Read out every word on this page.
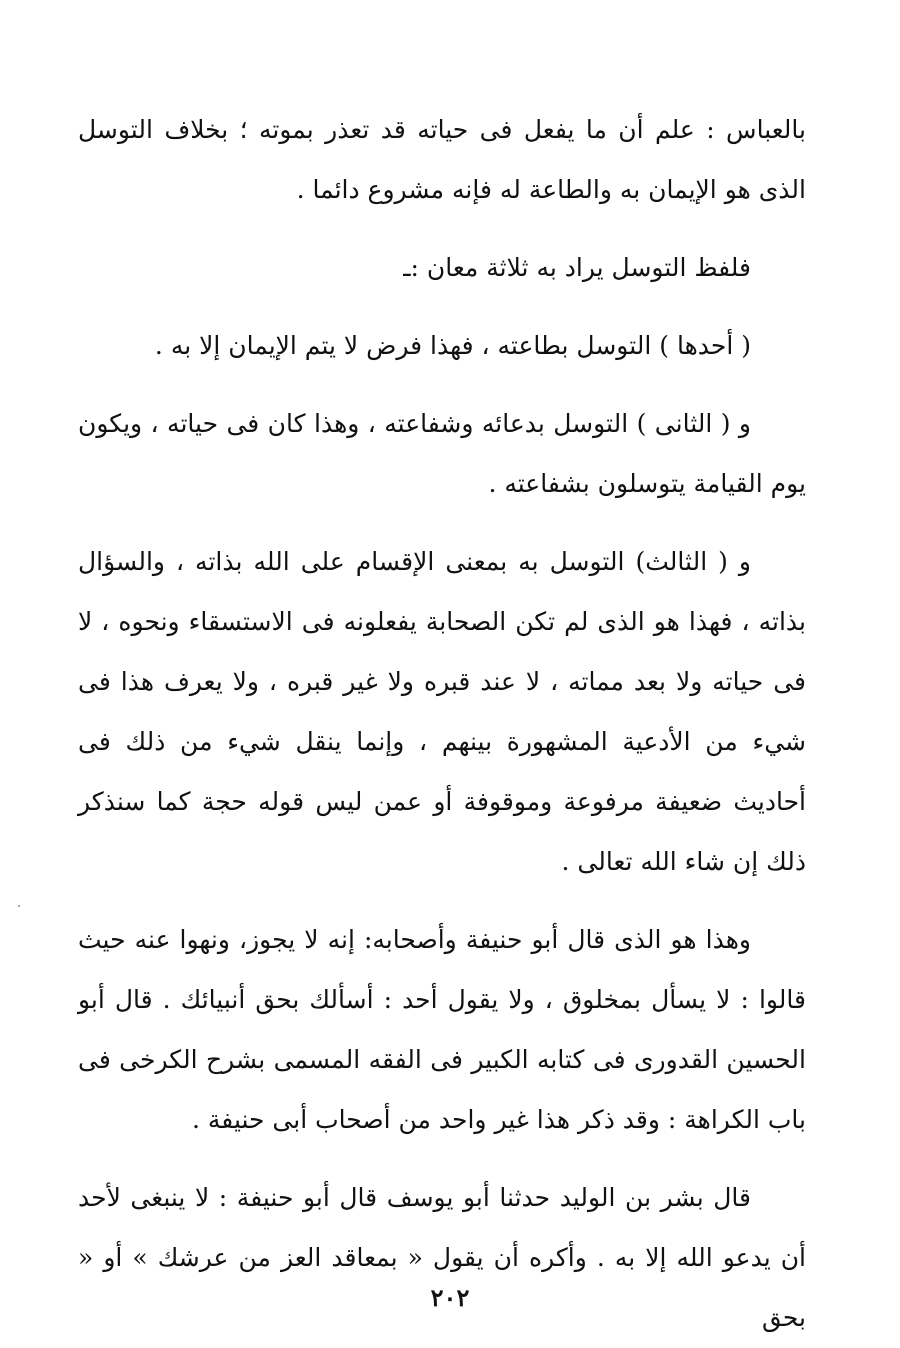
بالعباس : علم أن ما يفعل فى حياته قد تعذر بموته ؛ بخلاف التوسل الذى هو الإيمان به والطاعة له فإنه مشروع دائما .

فلفظ التوسل يراد به ثلاثة معان :ـ

( أحدها ) التوسل بطاعته ، فهذا فرض لا يتم الإيمان إلا به .

و ( الثانى ) التوسل بدعائه وشفاعته ، وهذا كان فى حياته ، ويكون يوم القيامة يتوسلون بشفاعته .

و ( الثالث) التوسل به بمعنى الإقسام على الله بذاته ، والسؤال بذاته ، فهذا هو الذى لم تكن الصحابة يفعلونه فى الاستسقاء ونحوه ، لا فى حياته ولا بعد مماته ، لا عند قبره ولا غير قبره ، ولا يعرف هذا فى شيء من الأدعية المشهورة بينهم ، وإنما ينقل شيء من ذلك فى أحاديث ضعيفة مرفوعة وموقوفة أو عمن ليس قوله حجة كما سنذكر ذلك إن شاء الله تعالى .

وهذا هو الذى قال أبو حنيفة وأصحابه: إنه لا يجوز، ونهوا عنه حيث قالوا : لا يسأل بمخلوق ، ولا يقول أحد : أسألك بحق أنبيائك . قال أبو الحسين القدورى فى كتابه الكبير فى الفقه المسمى بشرح الكرخى فى باب الكراهة : وقد ذكر هذا غير واحد من أصحاب أبى حنيفة .

قال بشر بن الوليد حدثنا أبو يوسف قال أبو حنيفة : لا ينبغى لأحد أن يدعو الله إلا به . وأكره أن يقول « بمعاقد العز من عرشك » أو « بحق

٢٠٢
